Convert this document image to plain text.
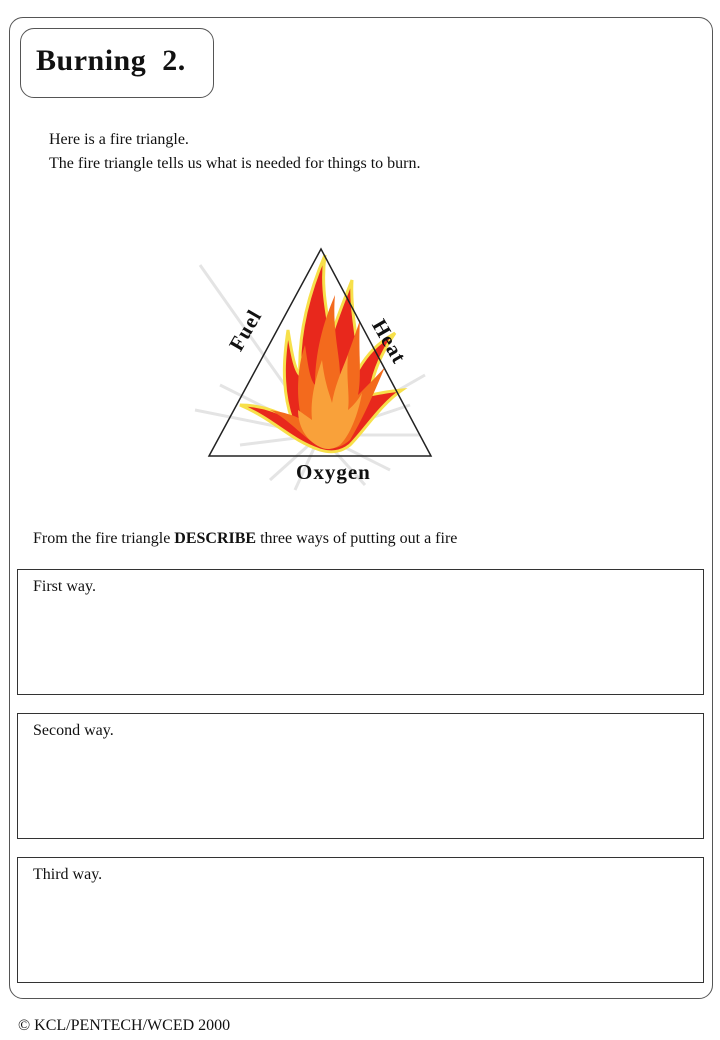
Burning  2.
Here is a fire triangle.
The fire triangle tells us what is needed for things to burn.
Fuel	Heat
Oxygen
From the fire triangle DESCRIBE three ways of putting out a fire
First way.
Second way.
Third way.
© KCL/PENTECH/WCED 2000
